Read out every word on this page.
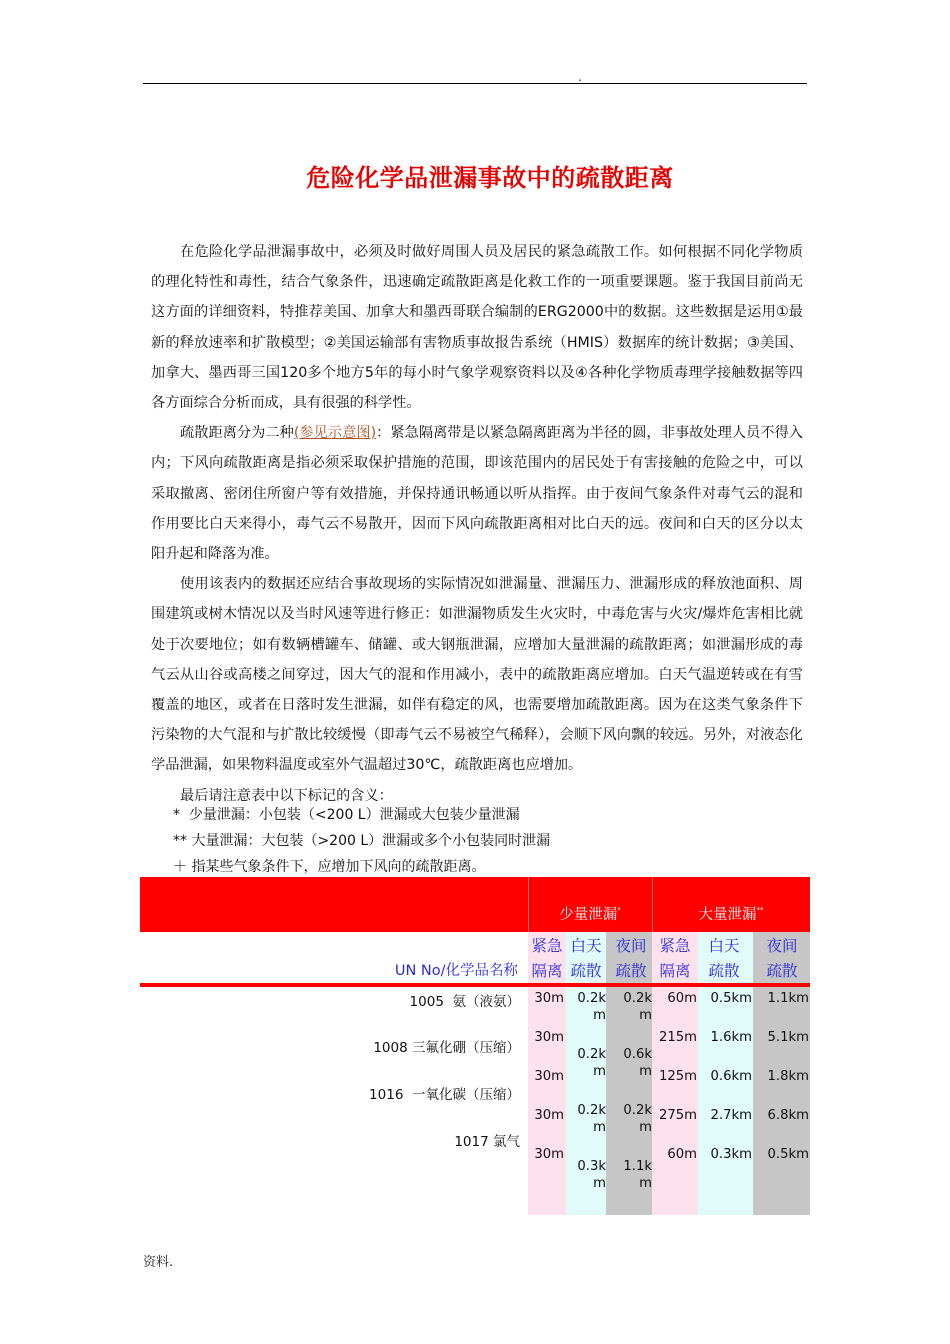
.
危险化学品泄漏事故中的疏散距离

在危险化学品泄漏事故中，必须及时做好周围人员及居民的紧急疏散工作。如何根据不同化学物质的理化特性和毒性，结合气象条件，迅速确定疏散距离是化救工作的一项重要课题。鉴于我国目前尚无这方面的详细资料，特推荐美国、加拿大和墨西哥联合编制的ERG2000中的数据。这些数据是运用①最新的释放速率和扩散模型；②美国运输部有害物质事故报告系统（HMIS）数据库的统计数据；③美国、加拿大、墨西哥三国120多个地方5年的每小时气象学观察资料以及④各种化学物质毒理学接触数据等四各方面综合分析而成，具有很强的科学性。

疏散距离分为二种(参见示意图)：紧急隔离带是以紧急隔离距离为半径的圆，非事故处理人员不得入内；下风向疏散距离是指必须采取保护措施的范围，即该范围内的居民处于有害接触的危险之中，可以采取撤离、密闭住所窗户等有效措施，并保持通讯畅通以听从指挥。由于夜间气象条件对毒气云的混和作用要比白天来得小，毒气云不易散开，因而下风向疏散距离相对比白天的远。夜间和白天的区分以太阳升起和降落为准。

使用该表内的数据还应结合事故现场的实际情况如泄漏量、泄漏压力、泄漏形成的释放池面积、周围建筑或树木情况以及当时风速等进行修正：如泄漏物质发生火灾时，中毒危害与火灾/爆炸危害相比就处于次要地位；如有数辆槽罐车、储罐、或大钢瓶泄漏，应增加大量泄漏的疏散距离；如泄漏形成的毒气云从山谷或高楼之间穿过，因大气的混和作用减小，表中的疏散距离应增加。白天气温逆转或在有雪覆盖的地区，或者在日落时发生泄漏，如伴有稳定的风，也需要增加疏散距离。因为在这类气象条件下污染物的大气混和与扩散比较缓慢（即毒气云不易被空气稀释），会顺下风向飘的较远。另外，对液态化学品泄漏，如果物料温度或室外气温超过30℃，疏散距离也应增加。

最后请注意表中以下标记的含义：

*  少量泄漏：小包装（<200 L）泄漏或大包装少量泄漏
** 大量泄漏：大包装（>200 L）泄漏或多个小包装同时泄漏
＋ 指某些气象条件下，应增加下风向的疏散距离。
少量泄漏*	大量泄漏**
紧急隔离
白天疏散
夜间疏散
紧急隔离
白天疏散
夜间疏散
UN No/化学品名称
1005  氨（液氨）
1008 三氟化硼（压缩）
1016  一氧化碳（压缩）
1017 氯气
30m
30m
30m
30m
30m
0.2km
0.2km
0.2km
0.3km
0.2km
0.6km
0.2km
1.1km
60m
215m
125m
275m
60m
0.5km
1.6km
0.6km
2.7km
0.3km
1.1km
5.1km
1.8km
6.8km
0.5km
资料.
